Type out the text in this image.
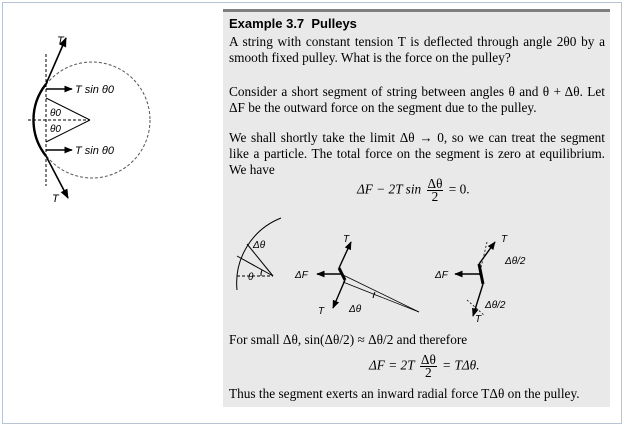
T
T
T sin θ0
T sin θ0
θ0
θ0
Example 3.7 Pulleys
A string with constant tension T is deflected through angle 2θ0 by a smooth fixed pulley. What is the force on the pulley?
Consider a short segment of string between angles θ and θ + Δθ. Let ΔF be the outward force on the segment due to the pulley.
We shall shortly take the limit Δθ → 0, so we can treat the segment like a particle. The total force on the segment is zero at equilibrium. We have
ΔF − 2T $\sin \frac{\Delta\theta}{2} = 0$.
Δθ
θ	ΔF
T
T Δθ
ΔF
T
T
Δθ/2
Δθ/2
For small Δθ, sin(Δθ/2) ≈ Δθ/2 and therefore
$\Delta F = 2T \frac{\Delta\theta}{2} = T\Delta\theta$.
Thus the segment exerts an inward radial force TΔθ on the pulley.
